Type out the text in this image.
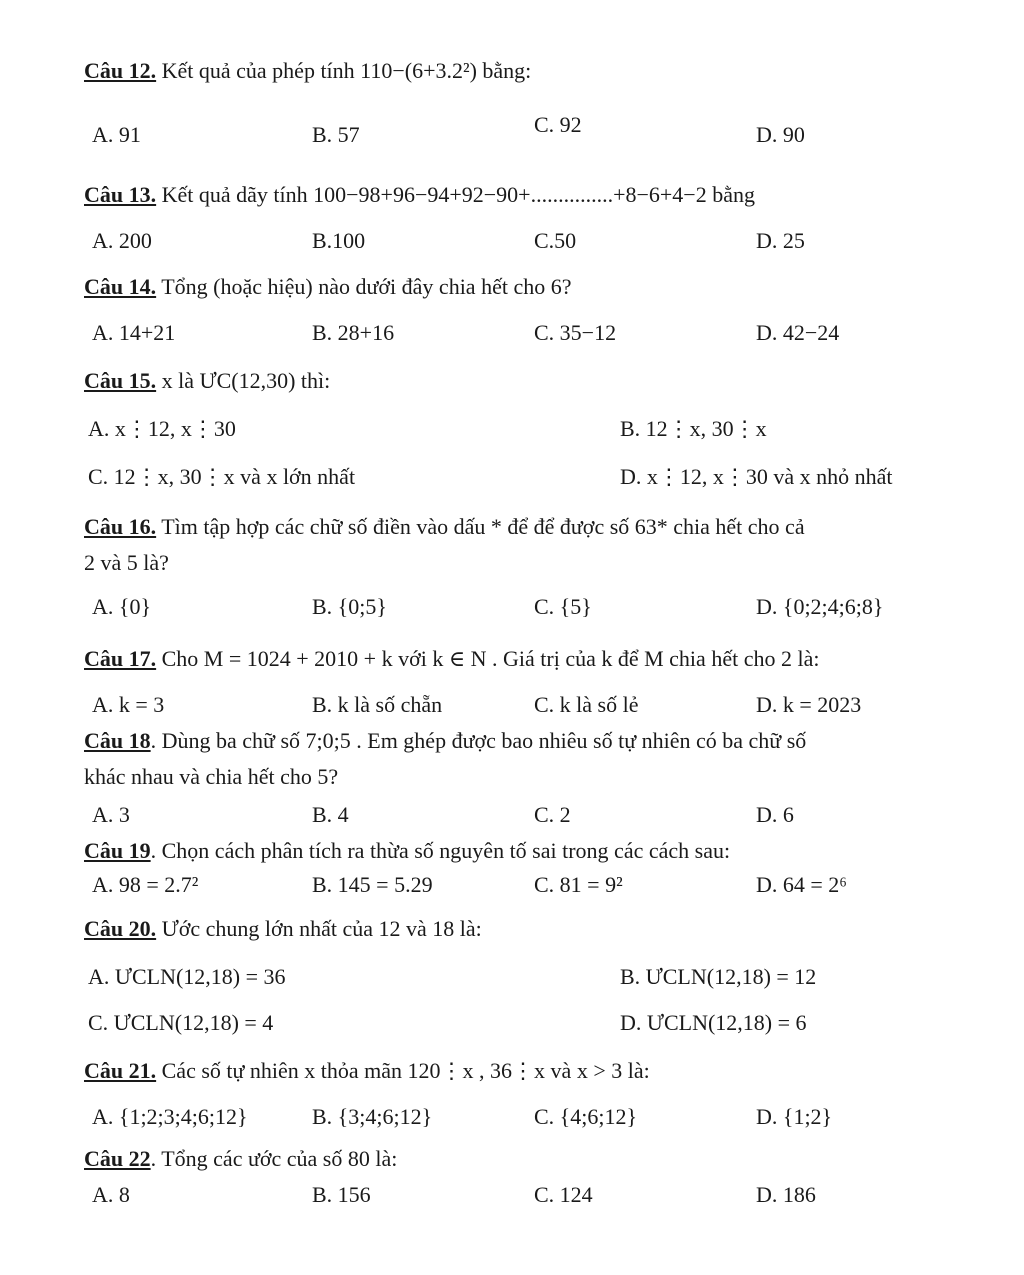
Câu 12. Kết quả của phép tính 110−(6+3.2²) bằng:
A. 91	B. 57	C. 92	D. 90
Câu 13. Kết quả dãy tính 100−98+96−94+92−90+...............+8−6+4−2 bằng
A. 200	B.100	C.50	D. 25
Câu 14. Tổng (hoặc hiệu) nào dưới đây chia hết cho 6?
A. 14+21	B. 28+16	C. 35−12	D. 42−24
Câu 15. x là ƯC(12,30) thì:
A. x⋮12, x⋮30	B. 12⋮x, 30⋮x
C. 12⋮x, 30⋮x và x lớn nhất	D. x⋮12, x⋮30 và x nhỏ nhất
Câu 16. Tìm tập hợp các chữ số điền vào dấu * để để được số 63* chia hết cho cả
2 và 5 là?
A. {0}	B. {0;5}	C. {5}	D. {0;2;4;6;8}
Câu 17. Cho M = 1024 + 2010 + k với k ∈ N . Giá trị của k để M chia hết cho 2 là:
A. k = 3	B. k là số chẵn	C. k là số lẻ	D. k = 2023
Câu 18. Dùng ba chữ số 7;0;5 . Em ghép được bao nhiêu số tự nhiên có ba chữ số
khác nhau và chia hết cho 5?
A. 3	B. 4	C. 2	D. 6
Câu 19. Chọn cách phân tích ra thừa số nguyên tố sai trong các cách sau:
A. 98 = 2.7²	B. 145 = 5.29	C. 81 = 9²	D. 64 = 2⁶
Câu 20. Ước chung lớn nhất của 12 và 18 là:
A. ƯCLN(12,18) = 36	B. ƯCLN(12,18) = 12
C. ƯCLN(12,18) = 4	D. ƯCLN(12,18) = 6
Câu 21. Các số tự nhiên x thỏa mãn 120⋮x , 36⋮x và x > 3 là:
A. {1;2;3;4;6;12}	B. {3;4;6;12}	C. {4;6;12}	D. {1;2}
Câu 22. Tổng các ước của số 80 là:
A. 8	B. 156	C. 124	D. 186
